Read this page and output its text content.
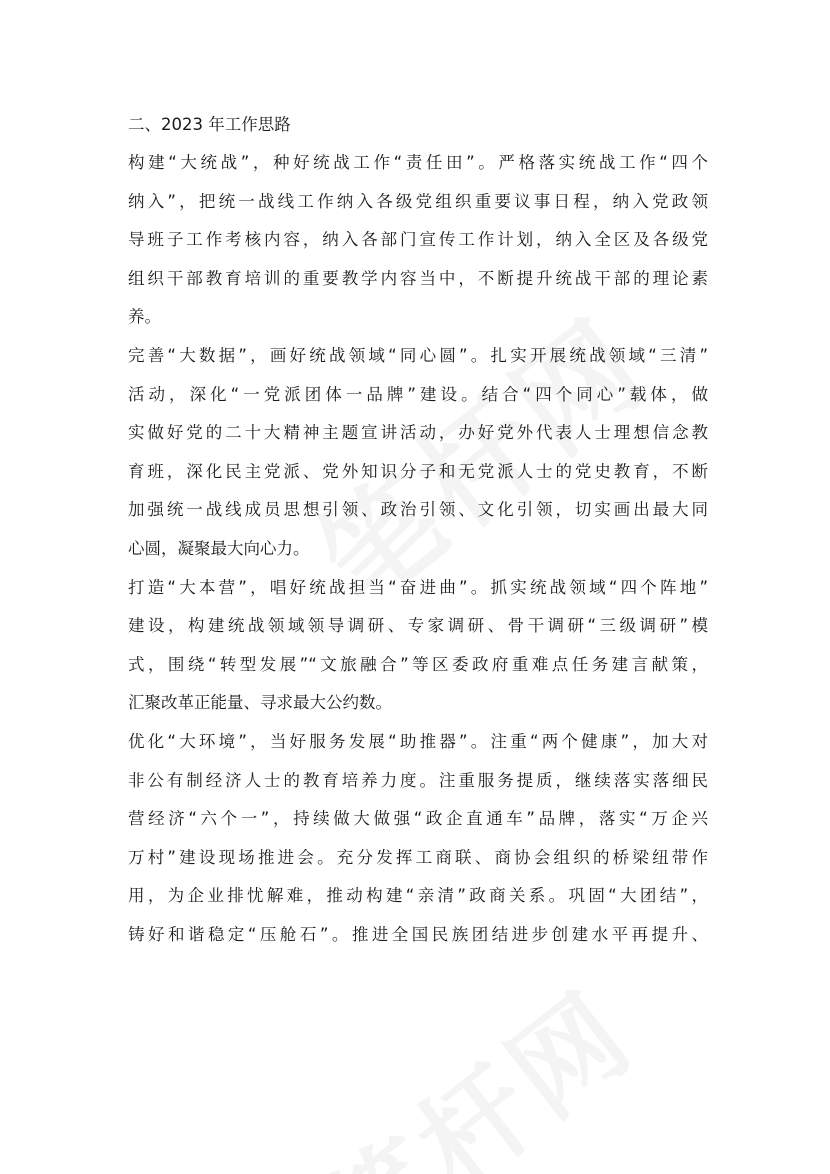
二、2023 年工作思路

构建“大统战”，种好统战工作“责任田”。严格落实统战工作“四个
纳入”，把统一战线工作纳入各级党组织重要议事日程，纳入党政领
导班子工作考核内容，纳入各部门宣传工作计划，纳入全区及各级党
组织干部教育培训的重要教学内容当中，不断提升统战干部的理论素
养。

完善“大数据”，画好统战领域“同心圆”。扎实开展统战领域“三清”
活动，深化“一党派团体一品牌”建设。结合“四个同心”载体，做
实做好党的二十大精神主题宣讲活动，办好党外代表人士理想信念教
育班，深化民主党派、党外知识分子和无党派人士的党史教育，不断
加强统一战线成员思想引领、政治引领、文化引领，切实画出最大同
心圆，凝聚最大向心力。

打造“大本营”，唱好统战担当“奋进曲”。抓实统战领域“四个阵地”
建设，构建统战领域领导调研、专家调研、骨干调研“三级调研”模
式，围绕“转型发展”“文旅融合”等区委政府重难点任务建言献策，
汇聚改革正能量、寻求最大公约数。

优化“大环境”，当好服务发展“助推器”。注重“两个健康”，加大对
非公有制经济人士的教育培养力度。注重服务提质，继续落实落细民
营经济“六个一”，持续做大做强“政企直通车”品牌，落实“万企兴
万村”建设现场推进会。充分发挥工商联、商协会组织的桥梁纽带作
用，为企业排忧解难，推动构建“亲清”政商关系。巩固“大团结”，
铸好和谐稳定“压舱石”。推进全国民族团结进步创建水平再提升、
